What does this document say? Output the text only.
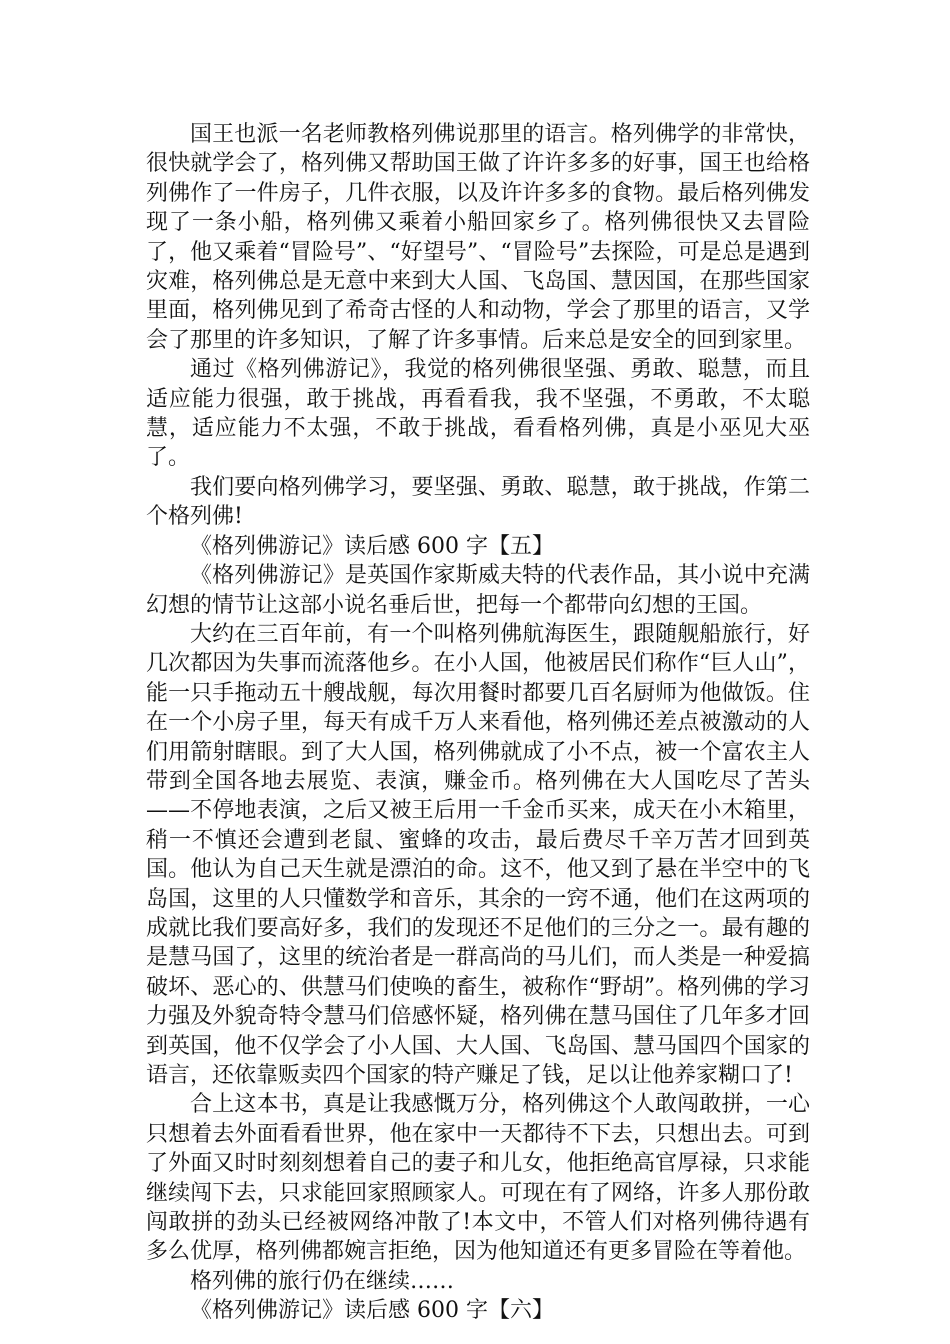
国王也派一名老师教格列佛说那里的语言。格列佛学的非常快，很快就学会了，格列佛又帮助国王做了许许多多的好事，国王也给格列佛作了一件房子，几件衣服，以及许许多多的食物。最后格列佛发现了一条小船，格列佛又乘着小船回家乡了。格列佛很快又去冒险了，他又乘着“冒险号”、“好望号”、“冒险号”去探险，可是总是遇到灾难，格列佛总是无意中来到大人国、飞岛国、慧因国，在那些国家里面，格列佛见到了希奇古怪的人和动物，学会了那里的语言，又学会了那里的许多知识，了解了许多事情。后来总是安全的回到家里。

通过《格列佛游记》，我觉的格列佛很坚强、勇敢、聪慧，而且适应能力很强，敢于挑战，再看看我，我不坚强，不勇敢，不太聪慧，适应能力不太强，不敢于挑战，看看格列佛，真是小巫见大巫了。

我们要向格列佛学习，要坚强、勇敢、聪慧，敢于挑战，作第二个格列佛!

《格列佛游记》读后感 600 字【五】

《格列佛游记》是英国作家斯威夫特的代表作品，其小说中充满幻想的情节让这部小说名垂后世，把每一个都带向幻想的王国。

大约在三百年前，有一个叫格列佛航海医生，跟随舰船旅行，好几次都因为失事而流落他乡。在小人国，他被居民们称作“巨人山”，能一只手拖动五十艘战舰，每次用餐时都要几百名厨师为他做饭。住在一个小房子里，每天有成千万人来看他，格列佛还差点被激动的人们用箭射瞎眼。到了大人国，格列佛就成了小不点，被一个富农主人带到全国各地去展览、表演，赚金币。格列佛在大人国吃尽了苦头——不停地表演，之后又被王后用一千金币买来，成天在小木箱里，稍一不慎还会遭到老鼠、蜜蜂的攻击，最后费尽千辛万苦才回到英国。他认为自己天生就是漂泊的命。这不，他又到了悬在半空中的飞岛国，这里的人只懂数学和音乐，其余的一窍不通，他们在这两项的成就比我们要高好多，我们的发现还不足他们的三分之一。最有趣的是慧马国了，这里的统治者是一群高尚的马儿们，而人类是一种爱搞破坏、恶心的、供慧马们使唤的畜生，被称作“野胡”。格列佛的学习力强及外貌奇特令慧马们倍感怀疑，格列佛在慧马国住了几年多才回到英国，他不仅学会了小人国、大人国、飞岛国、慧马国四个国家的语言，还依靠贩卖四个国家的特产赚足了钱，足以让他养家糊口了!

合上这本书，真是让我感慨万分，格列佛这个人敢闯敢拼，一心只想着去外面看看世界，他在家中一天都待不下去，只想出去。可到了外面又时时刻刻想着自己的妻子和儿女，他拒绝高官厚禄，只求能继续闯下去，只求能回家照顾家人。可现在有了网络，许多人那份敢闯敢拼的劲头已经被网络冲散了!本文中，不管人们对格列佛待遇有多么优厚，格列佛都婉言拒绝，因为他知道还有更多冒险在等着他。

格列佛的旅行仍在继续……

《格列佛游记》读后感 600 字【六】
